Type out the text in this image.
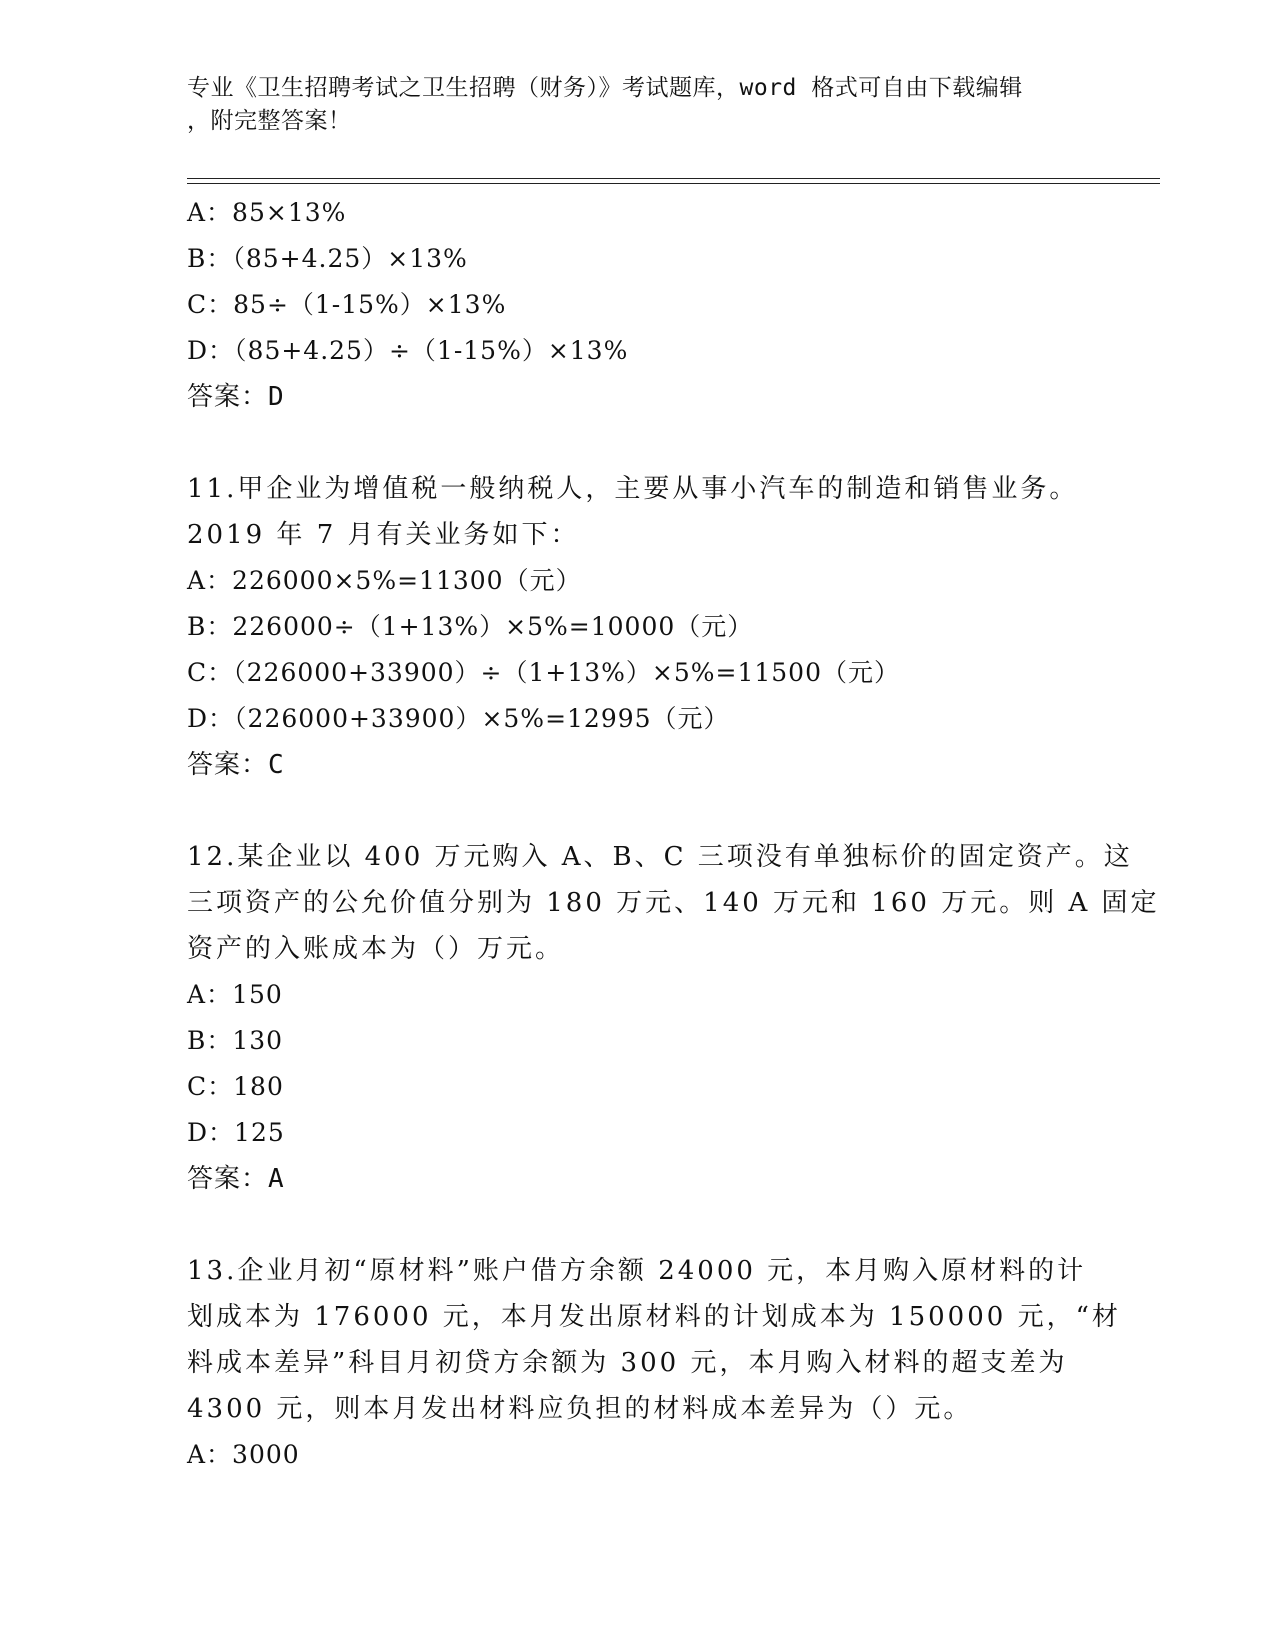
专业《卫生招聘考试之卫生招聘（财务）》考试题库，word 格式可自由下载编辑
，附完整答案！
A：85×13%
B：（85+4.25）×13%
C：85÷（1-15%）×13%
D：（85+4.25）÷（1-15%）×13%
答案：D
11.甲企业为增值税一般纳税人，主要从事小汽车的制造和销售业务。
2019 年 7 月有关业务如下：
A：226000×5%=11300（元）
B：226000÷（1+13%）×5%=10000（元）
C：（226000+33900）÷（1+13%）×5%=11500（元）
D：（226000+33900）×5%=12995（元）
答案：C
12.某企业以 400 万元购入 A、B、C 三项没有单独标价的固定资产。这
三项资产的公允价值分别为 180 万元、140 万元和 160 万元。则 A 固定
资产的入账成本为（）万元。
A：150
B：130
C：180
D：125
答案：A
13.企业月初“原材料”账户借方余额 24000 元，本月购入原材料的计
划成本为 176000 元，本月发出原材料的计划成本为 150000 元，“材
料成本差异”科目月初贷方余额为 300 元，本月购入材料的超支差为
4300 元，则本月发出材料应负担的材料成本差异为（）元。
A：3000
